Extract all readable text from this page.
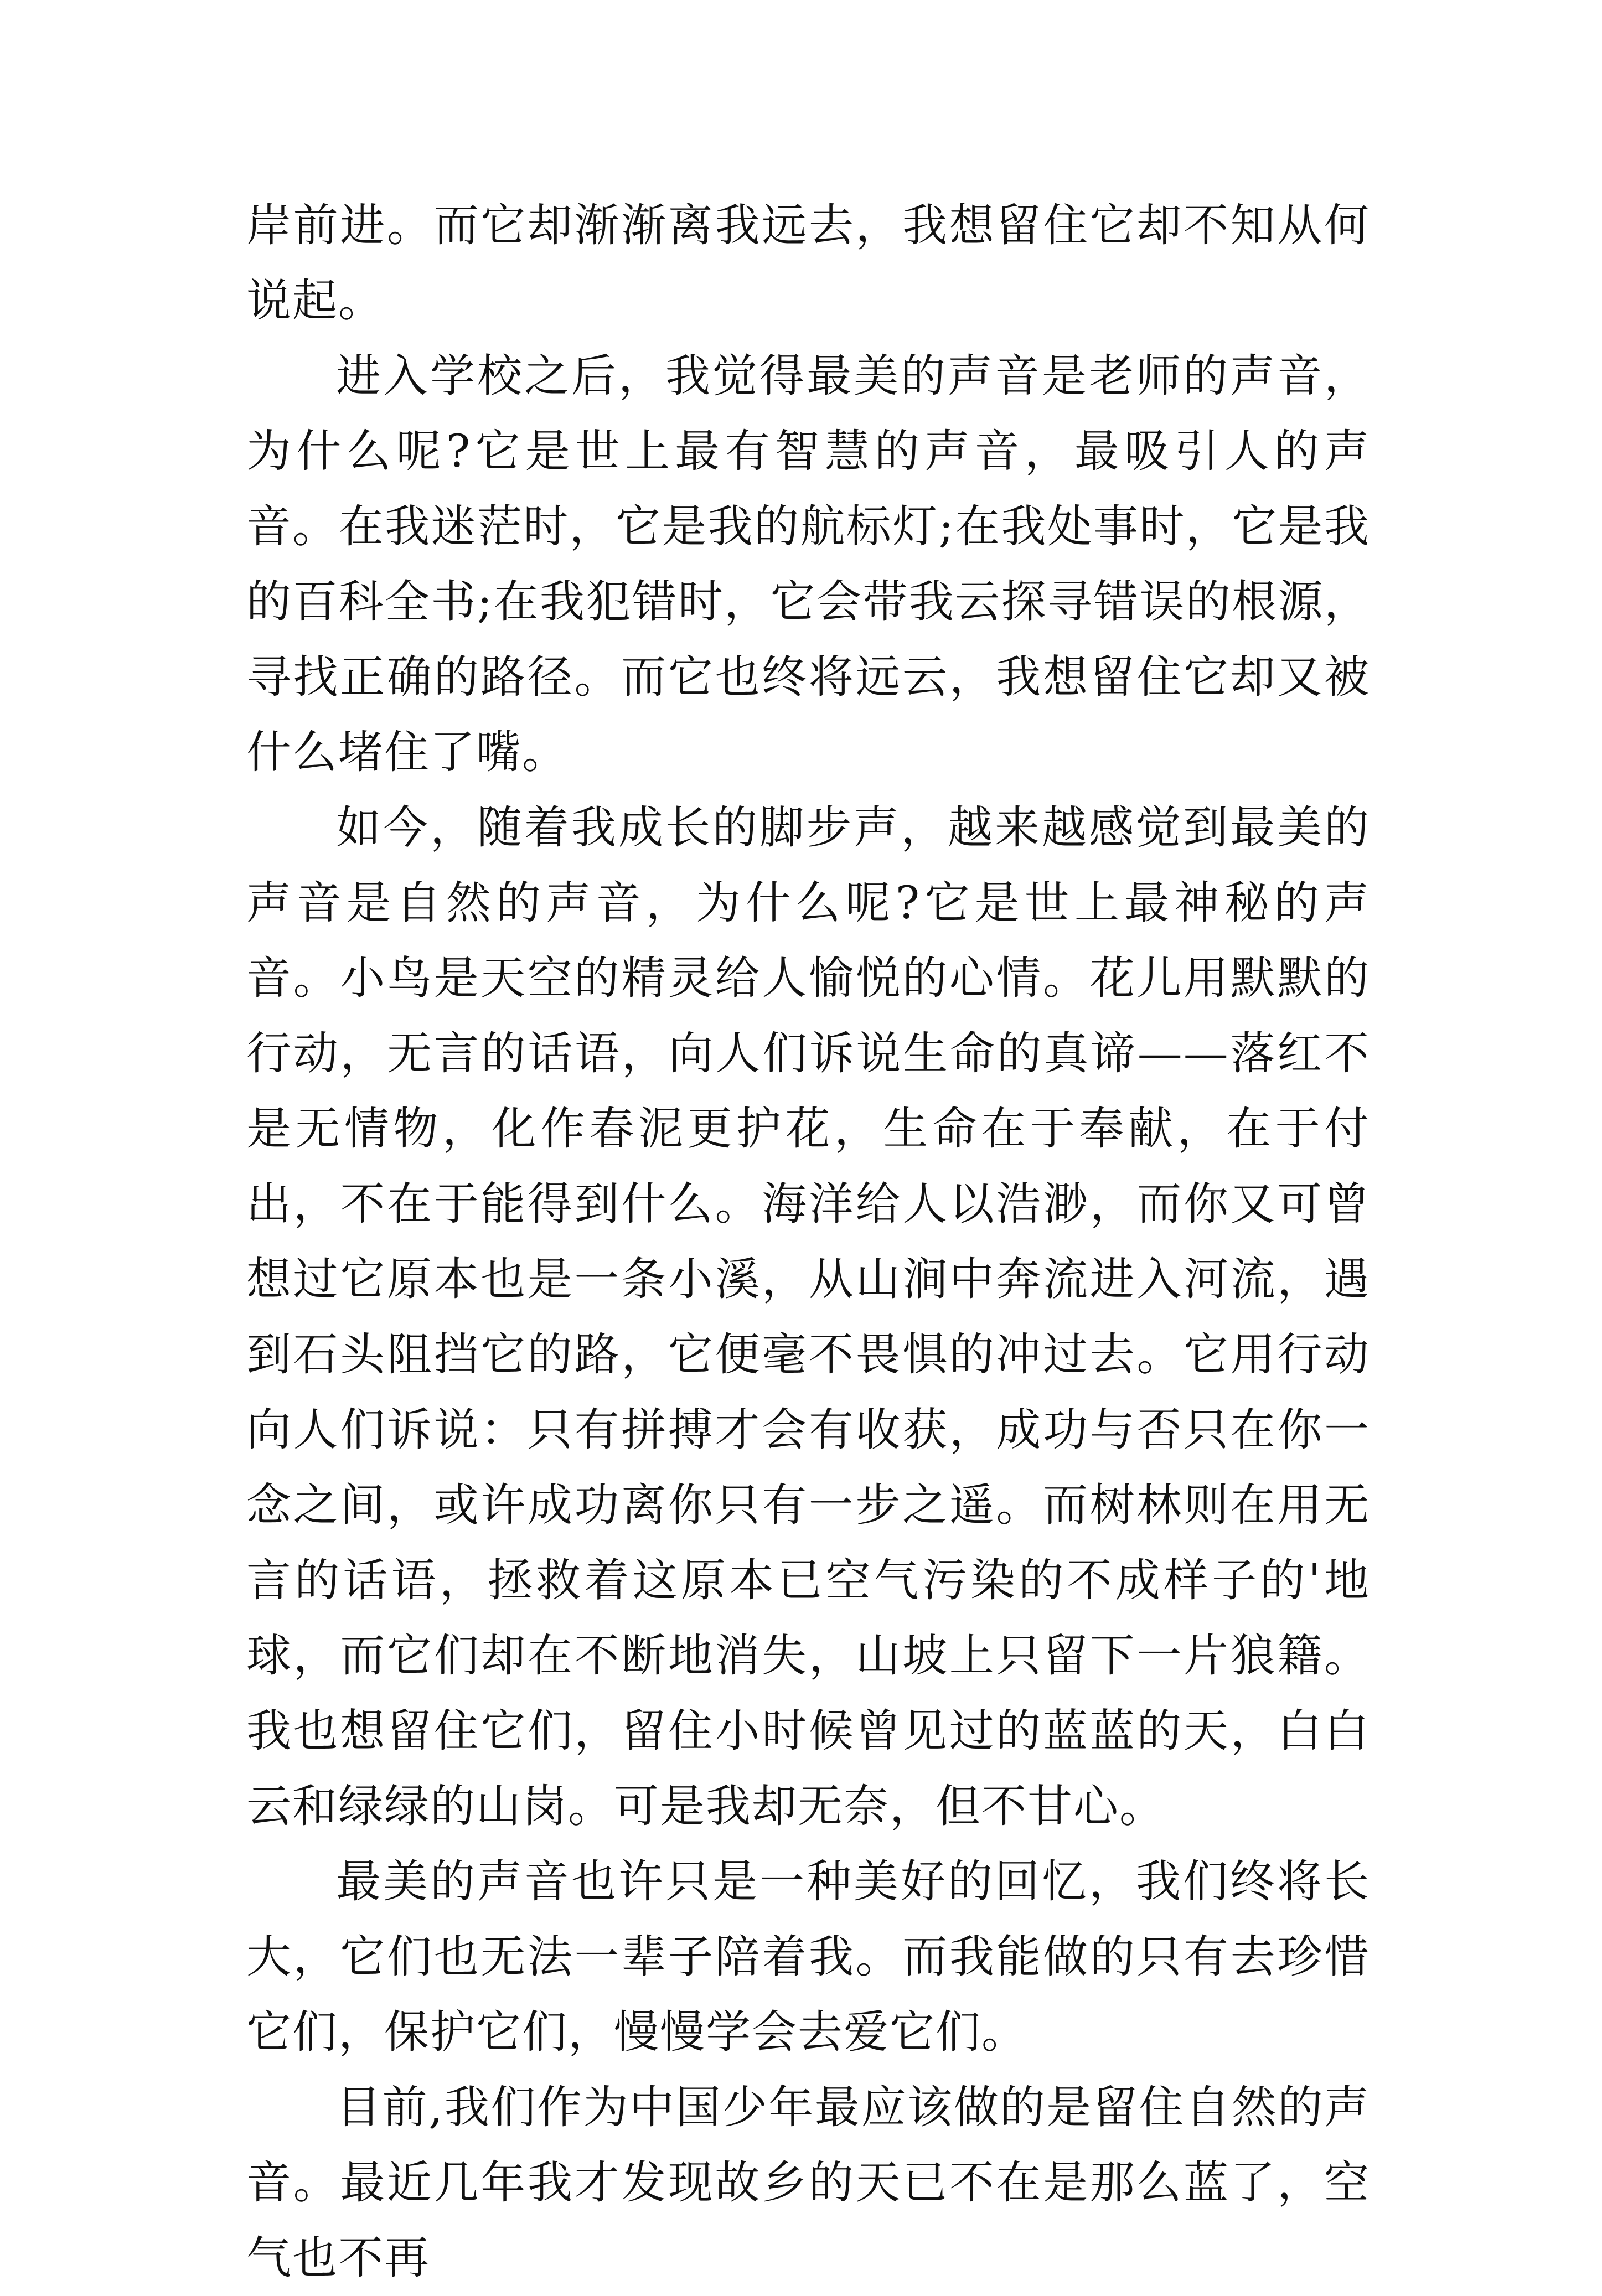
岸前进。而它却渐渐离我远去，我想留住它却不知从何说起。

进入学校之后，我觉得最美的声音是老师的声音，为什么呢?它是世上最有智慧的声音，最吸引人的声音。在我迷茫时，它是我的航标灯;在我处事时，它是我的百科全书;在我犯错时，它会带我云探寻错误的根源，寻找正确的路径。而它也终将远云，我想留住它却又被什么堵住了嘴。

如今，随着我成长的脚步声，越来越感觉到最美的声音是自然的声音，为什么呢?它是世上最神秘的声音。小鸟是天空的精灵给人愉悦的心情。花儿用默默的行动，无言的话语，向人们诉说生命的真谛——落红不是无情物，化作春泥更护花，生命在于奉献，在于付出，不在于能得到什么。海洋给人以浩渺，而你又可曾想过它原本也是一条小溪，从山涧中奔流进入河流，遇到石头阻挡它的路，它便毫不畏惧的冲过去。它用行动向人们诉说：只有拼搏才会有收获，成功与否只在你一念之间，或许成功离你只有一步之遥。而树林则在用无言的话语，拯救着这原本已空气污染的不成样子的'地球，而它们却在不断地消失，山坡上只留下一片狼籍。我也想留住它们，留住小时候曾见过的蓝蓝的天，白白云和绿绿的山岗。可是我却无奈，但不甘心。

最美的声音也许只是一种美好的回忆，我们终将长大，它们也无法一辈子陪着我。而我能做的只有去珍惜它们，保护它们，慢慢学会去爱它们。

目前,我们作为中国少年最应该做的是留住自然的声音。最近几年我才发现故乡的天已不在是那么蓝了，空气也不再
